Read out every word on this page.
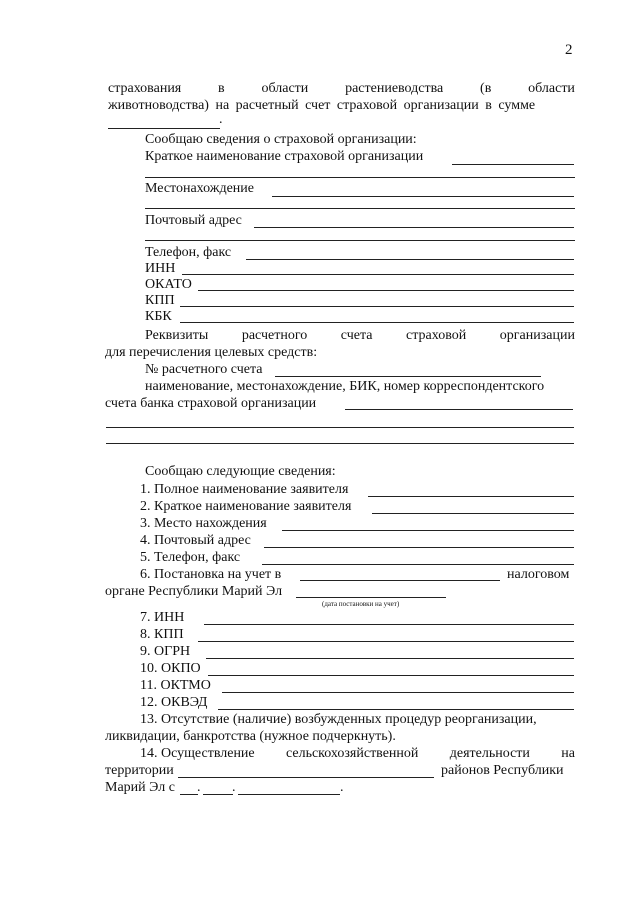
2
страхования	в	области	растениеводства	(в	области
животноводства) на расчетный счет страховой организации в сумме
.
Сообщаю сведения о страховой организации:
Краткое наименование страховой организации
Местонахождение
Почтовый адрес
Телефон, факс
ИНН
ОКАТО
КПП
КБК
Реквизиты расчетного счета страховой организации
для перечисления целевых средств:
№ расчетного счета
наименование, местонахождение, БИК, номер корреспондентского
счета банка страховой организации
Сообщаю следующие сведения:
1. Полное наименование заявителя
2. Краткое наименование заявителя
3. Место нахождения
4. Почтовый адрес
5. Телефон, факс
6. Постановка на учет в	налоговом
органе Республики Марий Эл
(дата постановки на учет)
7. ИНН
8. КПП
9. ОГРН
10. ОКПО
11. ОКТМО
12. ОКВЭД
13. Отсутствие (наличие) возбужденных процедур реорганизации,
ликвидации, банкротства (нужное подчеркнуть).
14. Осуществление сельскохозяйственной деятельности на
территории	районов Республики
Марий Эл с . .	.
